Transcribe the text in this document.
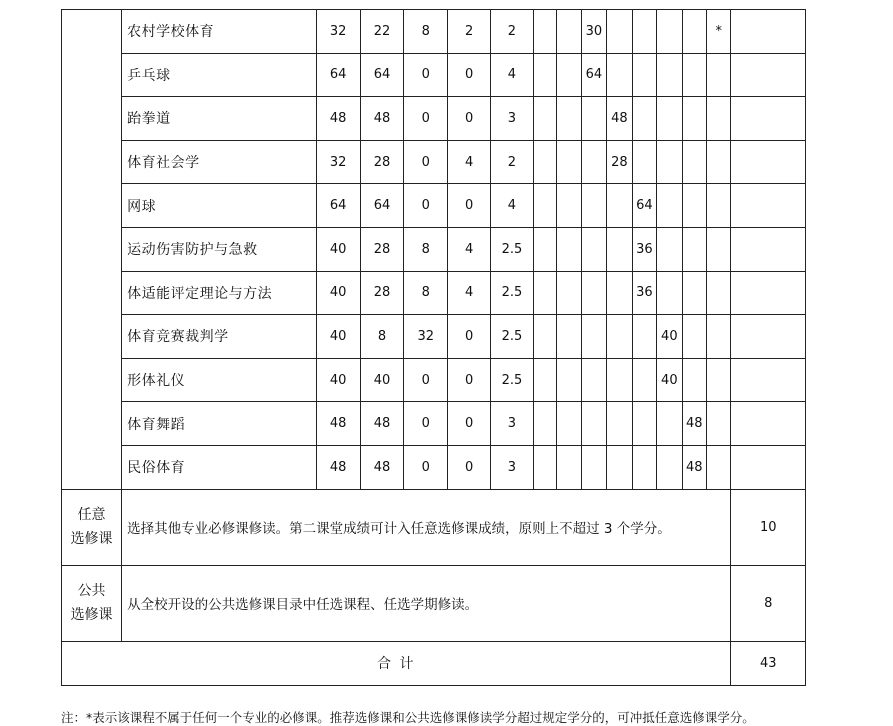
	农村学校体育	32	22	8	2	2			30					*	
	乒乓球	64	64	0	0	4			64						
	跆拳道	48	48	0	0	3				48					
	体育社会学	32	28	0	4	2				28					
	网球	64	64	0	0	4					64				
	运动伤害防护与急救	40	28	8	4	2.5					36				
	体适能评定理论与方法	40	28	8	4	2.5					36				
	体育竞赛裁判学	40	8	32	0	2.5						40			
	形体礼仪	40	40	0	0	2.5						40			
	体育舞蹈	48	48	0	0	3							48		
	民俗体育	48	48	0	0	3							48		
任意
选修课	选择其他专业必修课修读。第二课堂成绩可计入任意选修课成绩，原则上不超过 3 个学分。														10
公共
选修课	从全校开设的公共选修课目录中任选课程、任选学期修读。														8
合 计															43
注：*表示该课程不属于任何一个专业的必修课。推荐选修课和公共选修课修读学分超过规定学分的，可冲抵任意选修课学分。
